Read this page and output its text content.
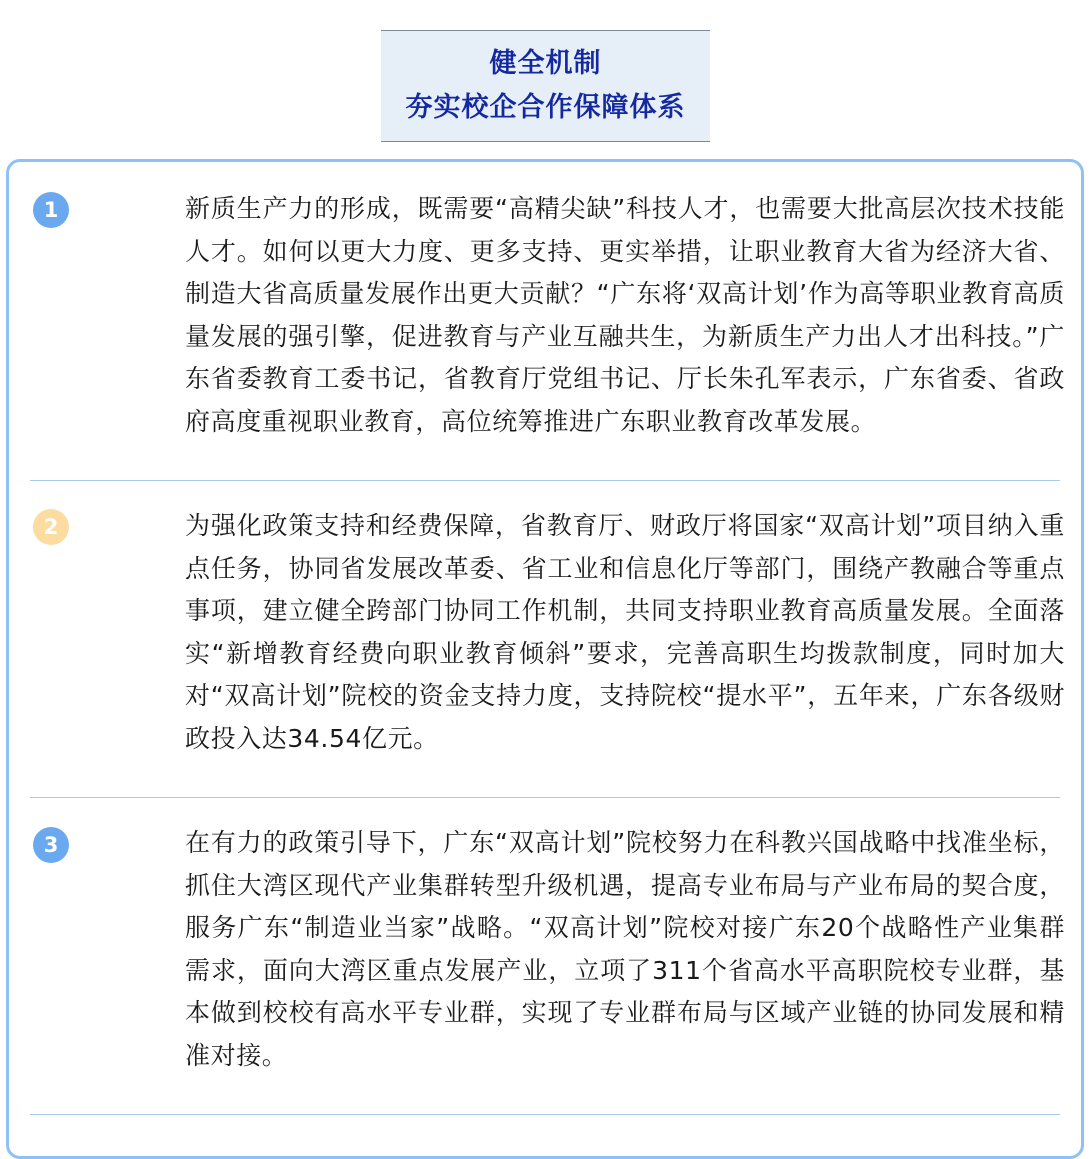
健全机制
夯实校企合作保障体系
1	新质生产力的形成，既需要“高精尖缺”科技人才，也需要大批高层次技术技能人才。如何以更大力度、更多支持、更实举措，让职业教育大省为经济大省、制造大省高质量发展作出更大贡献？“广东将‘双高计划’作为高等职业教育高质量发展的强引擎，促进教育与产业互融共生，为新质生产力出人才出科技。”广东省委教育工委书记，省教育厅党组书记、厅长朱孔军表示，广东省委、省政府高度重视职业教育，高位统筹推进广东职业教育改革发展。

2	为强化政策支持和经费保障，省教育厅、财政厅将国家“双高计划”项目纳入重点任务，协同省发展改革委、省工业和信息化厅等部门，围绕产教融合等重点事项，建立健全跨部门协同工作机制，共同支持职业教育高质量发展。全面落实“新增教育经费向职业教育倾斜”要求，完善高职生均拨款制度，同时加大对“双高计划”院校的资金支持力度，支持院校“提水平”，五年来，广东各级财政投入达34.54亿元。

3	在有力的政策引导下，广东“双高计划”院校努力在科教兴国战略中找准坐标，抓住大湾区现代产业集群转型升级机遇，提高专业布局与产业布局的契合度，服务广东“制造业当家”战略。“双高计划”院校对接广东20个战略性产业集群需求，面向大湾区重点发展产业，立项了311个省高水平高职院校专业群，基本做到校校有高水平专业群，实现了专业群布局与区域产业链的协同发展和精准对接。
